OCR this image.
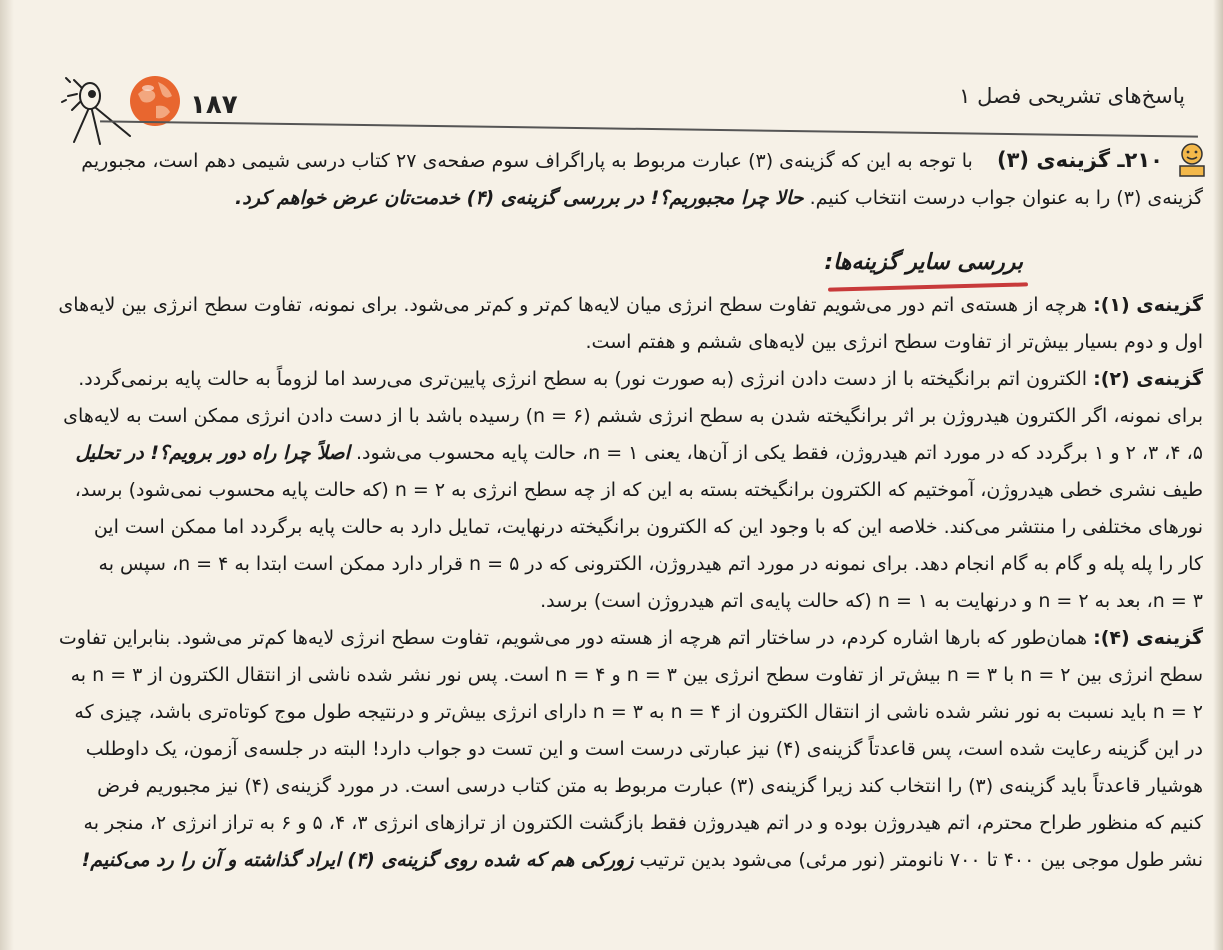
۱۸۷	پاسخ‌های تشریحی فصل ۱
۲۱۰ـ گزینه‌ی (۳)    با توجه به این که گزینه‌ی (۳) عبارت مربوط به پاراگراف سوم صفحه‌ی ۲۷ کتاب درسی شیمی دهم است، مجبوریم
گزینه‌ی (۳) را به عنوان جواب درست انتخاب کنیم. حالا چرا مجبوریم؟! در بررسی گزینه‌ی (۴) خدمت‌تان عرض خواهم کرد.
گزینه‌ی (۱): هرچه از هسته‌ی اتم دور می‌شویم تفاوت سطح انرژی میان لایه‌ها کم‌تر و کم‌تر می‌شود. برای نمونه، تفاوت سطح انرژی بین لایه‌های
اول و دوم بسیار بیش‌تر از تفاوت سطح انرژی بین لایه‌های ششم و هفتم است.
گزینه‌ی (۲): الکترون اتم برانگیخته با از دست دادن انرژی (به صورت نور) به سطح انرژی پایین‌تری می‌رسد اما لزوماً به حالت پایه برنمی‌گردد.
برای نمونه، اگر الکترون هیدروژن بر اثر برانگیخته شدن به سطح انرژی ششم (n = ۶) رسیده باشد با از دست دادن انرژی ممکن است به لایه‌های
۵، ۴، ۳، ۲ و ۱ برگردد که در مورد اتم هیدروژن، فقط یکی از آن‌ها، یعنی n = ۱، حالت پایه محسوب می‌شود. اصلاً چرا راه دور برویم؟! در تحلیل
طیف نشری خطی هیدروژن، آموختیم که الکترون برانگیخته بسته به این که از چه سطح انرژی به n = ۲ (که حالت پایه محسوب نمی‌شود) برسد،
نورهای مختلفی را منتشر می‌کند. خلاصه این که با وجود این که الکترون برانگیخته درنهایت، تمایل دارد به حالت پایه برگردد اما ممکن است این
کار را پله پله و گام به گام انجام دهد. برای نمونه در مورد اتم هیدروژن، الکترونی که در n = ۵ قرار دارد ممکن است ابتدا به n = ۴، سپس به
n = ۳، بعد به n = ۲ و درنهایت به n = ۱ (که حالت پایه‌ی اتم هیدروژن است) برسد.
گزینه‌ی (۴): همان‌طور که بارها اشاره کردم، در ساختار اتم هرچه از هسته دور می‌شویم، تفاوت سطح انرژی لایه‌ها کم‌تر می‌شود. بنابراین تفاوت
سطح انرژی بین n = ۲ با n = ۳ بیش‌تر از تفاوت سطح انرژی بین n = ۳ و n = ۴ است. پس نور نشر شده ناشی از انتقال الکترون از n = ۳ به
n = ۲ باید نسبت به نور نشر شده ناشی از انتقال الکترون از n = ۴ به n = ۳ دارای انرژی بیش‌تر و درنتیجه طول موج کوتاه‌تری باشد، چیزی که
در این گزینه رعایت شده است، پس قاعدتاً گزینه‌ی (۴) نیز عبارتی درست است و این تست دو جواب دارد! البته در جلسه‌ی آزمون، یک داوطلب
هوشیار قاعدتاً باید گزینه‌ی (۳) را انتخاب کند زیرا گزینه‌ی (۳) عبارت مربوط به متن کتاب درسی است. در مورد گزینه‌ی (۴) نیز مجبوریم فرض
کنیم که منظور طراح محترم، اتم هیدروژن بوده و در اتم هیدروژن فقط بازگشت الکترون از ترازهای انرژی ۳، ۴، ۵ و ۶ به تراز انرژی ۲، منجر به
نشر طول موجی بین ۴۰۰ تا ۷۰۰ نانومتر (نور مرئی) می‌شود بدین ترتیب زورکی هم که شده روی گزینه‌ی (۴) ایراد گذاشته و آن را رد می‌کنیم!
بررسی سایر گزینه‌ها:
